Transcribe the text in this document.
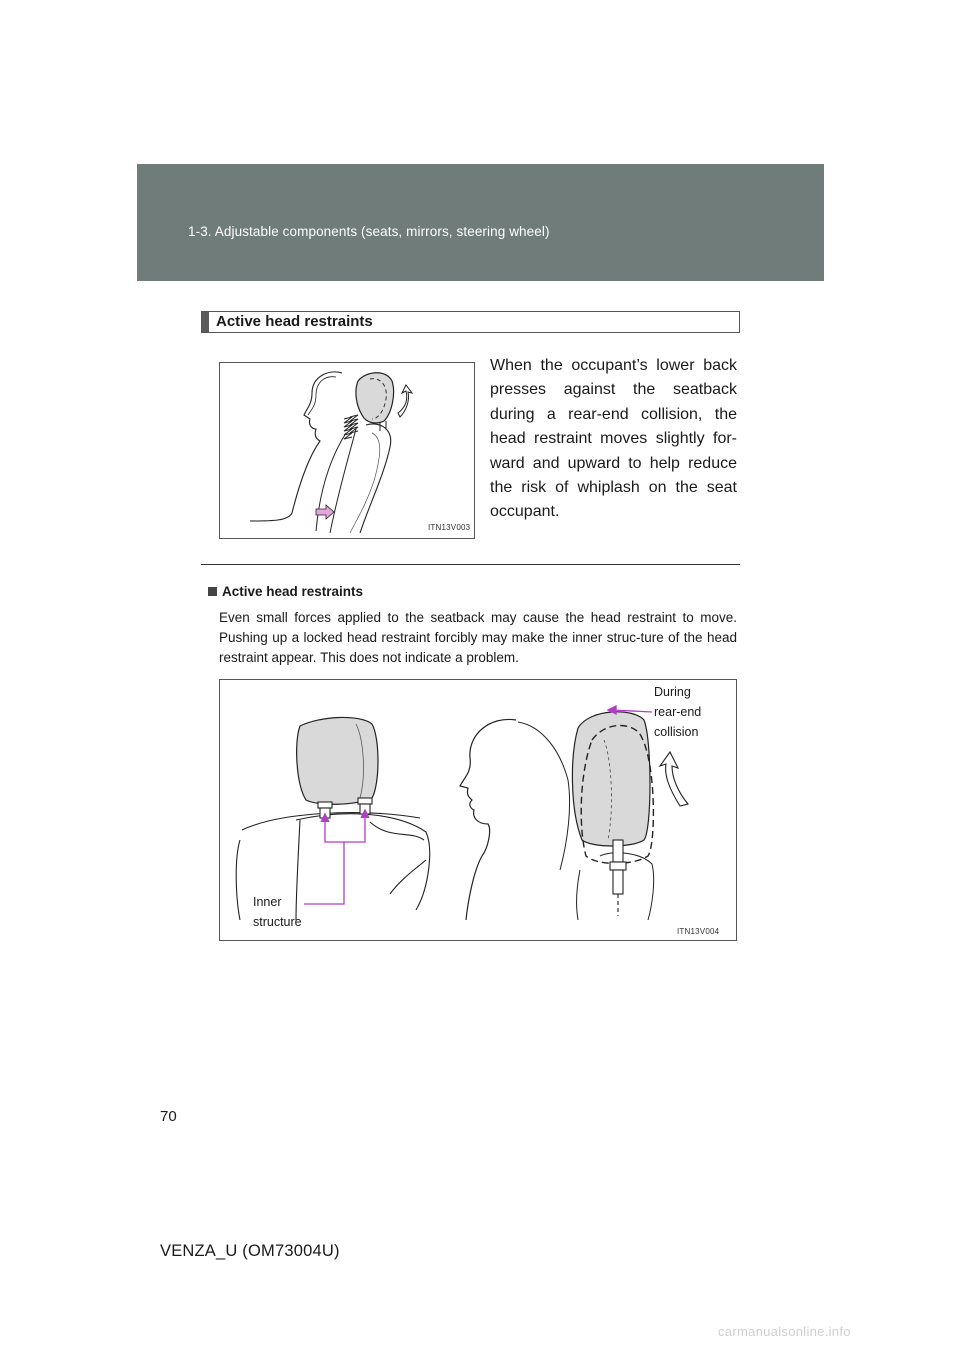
1-3. Adjustable components (seats, mirrors, steering wheel)
Active head restraints
ITN13V003

When the occupant’s lower back presses against the seatback during a rear-end collision, the head restraint moves slightly for-ward and upward to help reduce the risk of whiplash on the seat occupant.

Active head restraints

Even small forces applied to the seatback may cause the head restraint to move. Pushing up a locked head restraint forcibly may make the inner struc-ture of the head restraint appear. This does not indicate a problem.

During
rear-end
collision
Inner
structure
ITN13V004
70
VENZA_U (OM73004U)
carmanualsonline.info
